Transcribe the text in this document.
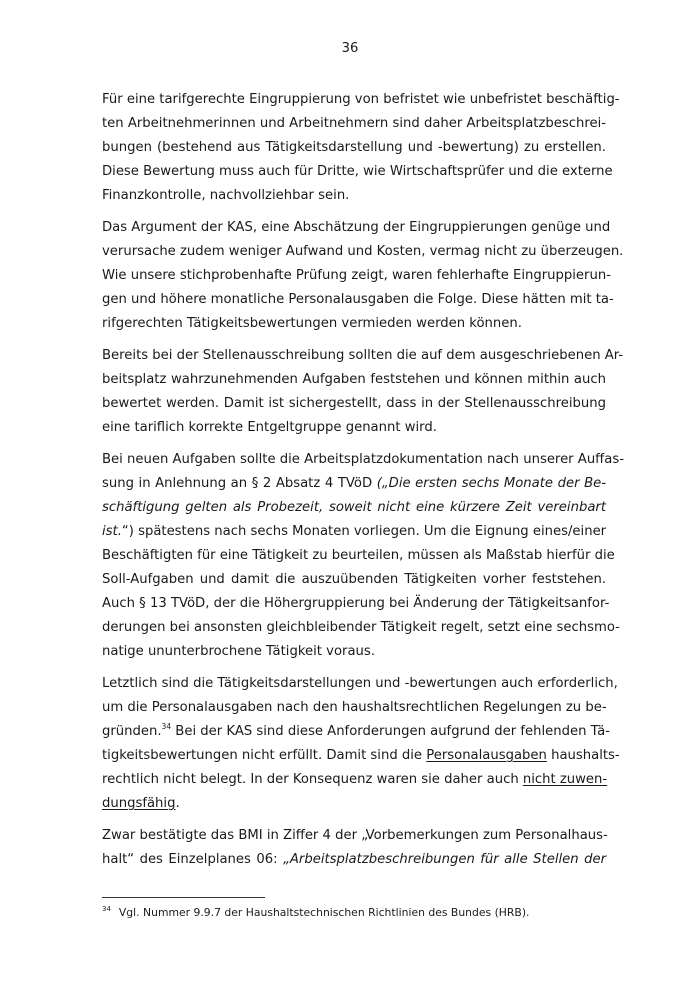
36
Für eine tarifgerechte Eingruppierung von befristet wie unbefristet beschäftig-
ten Arbeitnehmerinnen und Arbeitnehmern sind daher Arbeitsplatzbeschrei-
bungen (bestehend aus Tätigkeitsdarstellung und -bewertung) zu erstellen.
Diese Bewertung muss auch für Dritte, wie Wirtschaftsprüfer und die externe
Finanzkontrolle, nachvollziehbar sein.
Das Argument der KAS, eine Abschätzung der Eingruppierungen genüge und
verursache zudem weniger Aufwand und Kosten, vermag nicht zu überzeugen.
Wie unsere stichprobenhafte Prüfung zeigt, waren fehlerhafte Eingruppierun-
gen und höhere monatliche Personalausgaben die Folge. Diese hätten mit ta-
rifgerechten Tätigkeitsbewertungen vermieden werden können.
Bereits bei der Stellenausschreibung sollten die auf dem ausgeschriebenen Ar-
beitsplatz wahrzunehmenden Aufgaben feststehen und können mithin auch
bewertet werden. Damit ist sichergestellt, dass in der Stellenausschreibung
eine tariflich korrekte Entgeltgruppe genannt wird.
Bei neuen Aufgaben sollte die Arbeitsplatzdokumentation nach unserer Auffas-
sung in Anlehnung an § 2 Absatz 4 TVöD („Die ersten sechs Monate der Be-
schäftigung gelten als Probezeit, soweit nicht eine kürzere Zeit vereinbart
ist.“) spätestens nach sechs Monaten vorliegen. Um die Eignung eines/einer
Beschäftigten für eine Tätigkeit zu beurteilen, müssen als Maßstab hierfür die
Soll-Aufgaben und damit die auszuübenden Tätigkeiten vorher feststehen.
Auch § 13 TVöD, der die Höhergruppierung bei Änderung der Tätigkeitsanfor-
derungen bei ansonsten gleichbleibender Tätigkeit regelt, setzt eine sechsmo-
natige ununterbrochene Tätigkeit voraus.
Letztlich sind die Tätigkeitsdarstellungen und -bewertungen auch erforderlich,
um die Personalausgaben nach den haushaltsrechtlichen Regelungen zu be-
gründen.$^{34}$ Bei der KAS sind diese Anforderungen aufgrund der fehlenden Tä-
tigkeitsbewertungen nicht erfüllt. Damit sind die Personalausgaben haushalts-
rechtlich nicht belegt. In der Konsequenz waren sie daher auch nicht zuwen-
dungsfähig.
Zwar bestätigte das BMI in Ziffer 4 der „Vorbemerkungen zum Personalhaus-
halt“ des Einzelplanes 06: „Arbeitsplatzbeschreibungen für alle Stellen der
$^{34}$ Vgl. Nummer 9.9.7 der Haushaltstechnischen Richtlinien des Bundes (HRB).
